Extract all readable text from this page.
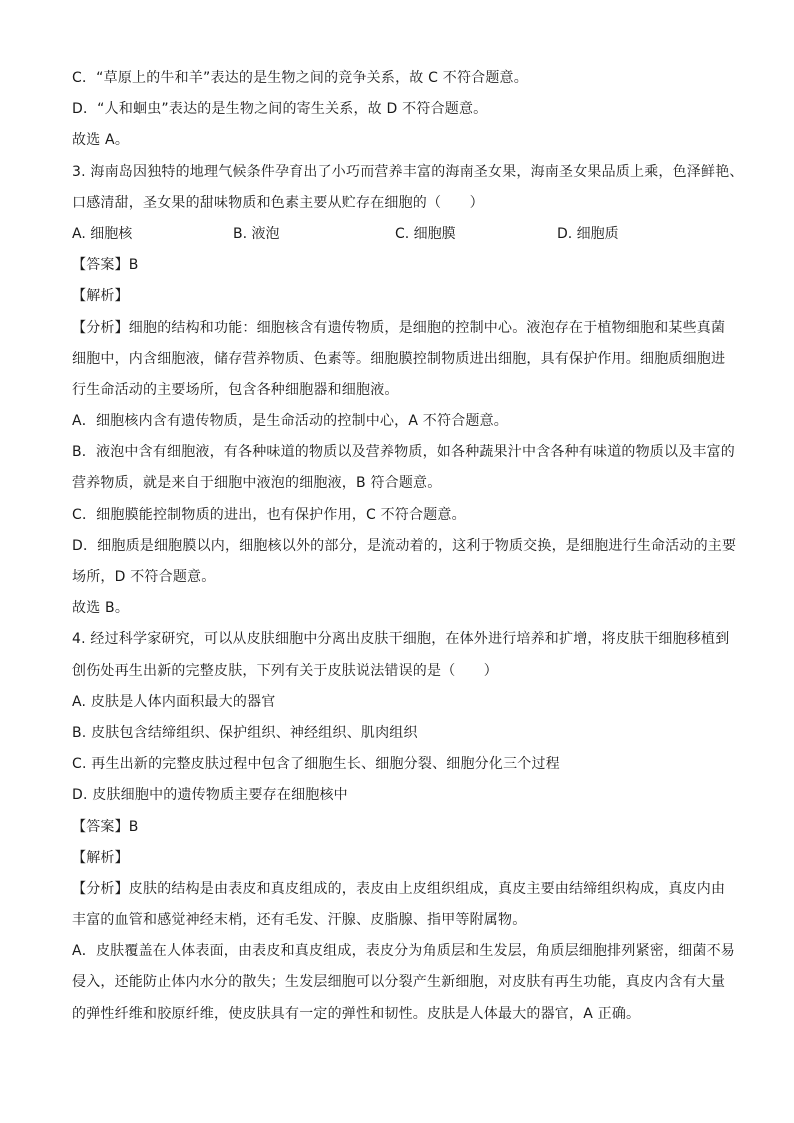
C．“草原上的牛和羊”表达的是生物之间的竞争关系，故 C 不符合题意。
D．“人和蛔虫”表达的是生物之间的寄生关系，故 D 不符合题意。
故选 A。
3. 海南岛因独特的地理气候条件孕育出了小巧而营养丰富的海南圣女果，海南圣女果品质上乘，色泽鲜艳、
口感清甜，圣女果的甜味物质和色素主要从贮存在细胞的（　　）
A. 细胞核	B. 液泡	C. 细胞膜	D. 细胞质
【答案】B
【解析】
【分析】细胞的结构和功能：细胞核含有遗传物质，是细胞的控制中心。液泡存在于植物细胞和某些真菌
细胞中，内含细胞液，储存营养物质、色素等。细胞膜控制物质进出细胞，具有保护作用。细胞质细胞进
行生命活动的主要场所，包含各种细胞器和细胞液。
A．细胞核内含有遗传物质，是生命活动的控制中心，A 不符合题意。
B．液泡中含有细胞液，有各种味道的物质以及营养物质，如各种蔬果汁中含各种有味道的物质以及丰富的
营养物质，就是来自于细胞中液泡的细胞液，B 符合题意。
C．细胞膜能控制物质的进出，也有保护作用，C 不符合题意。
D．细胞质是细胞膜以内，细胞核以外的部分，是流动着的，这利于物质交换，是细胞进行生命活动的主要
场所，D 不符合题意。
故选 B。
4. 经过科学家研究，可以从皮肤细胞中分离出皮肤干细胞，在体外进行培养和扩增，将皮肤干细胞移植到
创伤处再生出新的完整皮肤，下列有关于皮肤说法错误的是（　　）
A. 皮肤是人体内面积最大的器官
B. 皮肤包含结缔组织、保护组织、神经组织、肌肉组织
C. 再生出新的完整皮肤过程中包含了细胞生长、细胞分裂、细胞分化三个过程
D. 皮肤细胞中的遗传物质主要存在细胞核中
【答案】B
【解析】
【分析】皮肤的结构是由表皮和真皮组成的，表皮由上皮组织组成，真皮主要由结缔组织构成，真皮内由
丰富的血管和感觉神经末梢，还有毛发、汗腺、皮脂腺、指甲等附属物。
A．皮肤覆盖在人体表面，由表皮和真皮组成，表皮分为角质层和生发层，角质层细胞排列紧密，细菌不易
侵入，还能防止体内水分的散失；生发层细胞可以分裂产生新细胞，对皮肤有再生功能，真皮内含有大量
的弹性纤维和胶原纤维，使皮肤具有一定的弹性和韧性。皮肤是人体最大的器官，A 正确。
